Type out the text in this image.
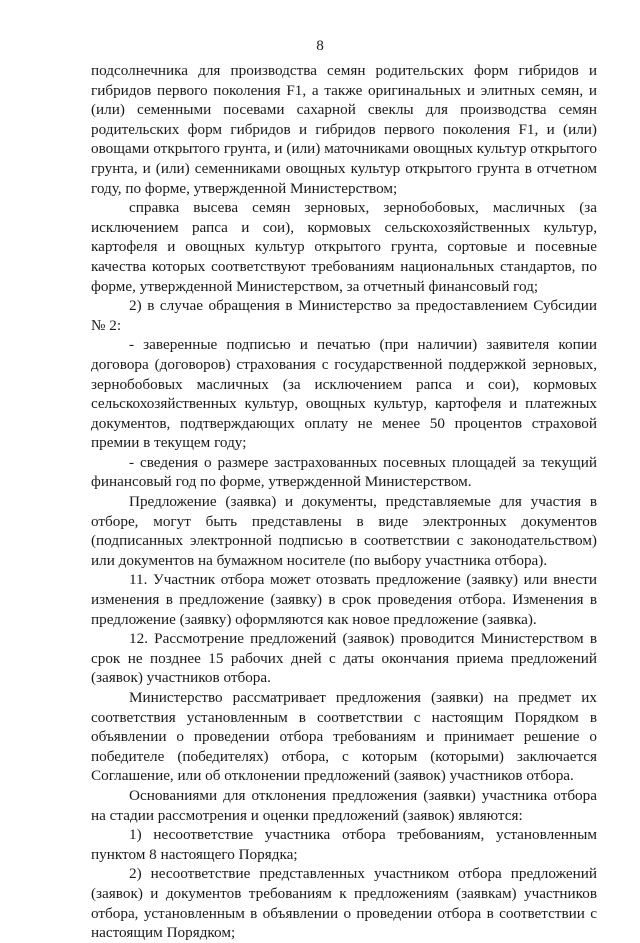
8

подсолнечника для производства семян родительских форм гибридов и гибридов первого поколения F1, а также оригинальных и элитных семян, и (или) семенными посевами сахарной свеклы для производства семян родительских форм гибридов и гибридов первого поколения F1, и (или) овощами открытого грунта, и (или) маточниками овощных культур открытого грунта, и (или) семенниками овощных культур открытого грунта в отчетном году, по форме, утвержденной Министерством;

справка высева семян зерновых, зернобобовых, масличных (за исключением рапса и сои), кормовых сельскохозяйственных культур, картофеля и овощных культур открытого грунта, сортовые и посевные качества которых соответствуют требованиям национальных стандартов, по форме, утвержденной Министерством, за отчетный финансовый год;

2) в случае обращения в Министерство за предоставлением Субсидии № 2:

- заверенные подписью и печатью (при наличии) заявителя копии договора (договоров) страхования с государственной поддержкой зерновых, зернобобовых масличных (за исключением рапса и сои), кормовых сельскохозяйственных культур, овощных культур, картофеля и платежных документов, подтверждающих оплату не менее 50 процентов страховой премии в текущем году;

- сведения о размере застрахованных посевных площадей за текущий финансовый год по форме, утвержденной Министерством.

Предложение (заявка) и документы, представляемые для участия в отборе, могут быть представлены в виде электронных документов (подписанных электронной подписью в соответствии с законодательством) или документов на бумажном носителе (по выбору участника отбора).

11. Участник отбора может отозвать предложение (заявку) или внести изменения в предложение (заявку) в срок проведения отбора. Изменения в предложение (заявку) оформляются как новое предложение (заявка).

12. Рассмотрение предложений (заявок) проводится Министерством в срок не позднее 15 рабочих дней с даты окончания приема предложений (заявок) участников отбора.

Министерство рассматривает предложения (заявки) на предмет их соответствия установленным в соответствии с настоящим Порядком в объявлении о проведении отбора требованиям и принимает решение о победителе (победителях) отбора, с которым (которыми) заключается Соглашение, или об отклонении предложений (заявок) участников отбора.

Основаниями для отклонения предложения (заявки) участника отбора на стадии рассмотрения и оценки предложений (заявок) являются:

1) несоответствие участника отбора требованиям, установленным пунктом 8 настоящего Порядка;

2) несоответствие представленных участником отбора предложений (заявок) и документов требованиям к предложениям (заявкам) участников отбора, установленным в объявлении о проведении отбора в соответствии с настоящим Порядком;
